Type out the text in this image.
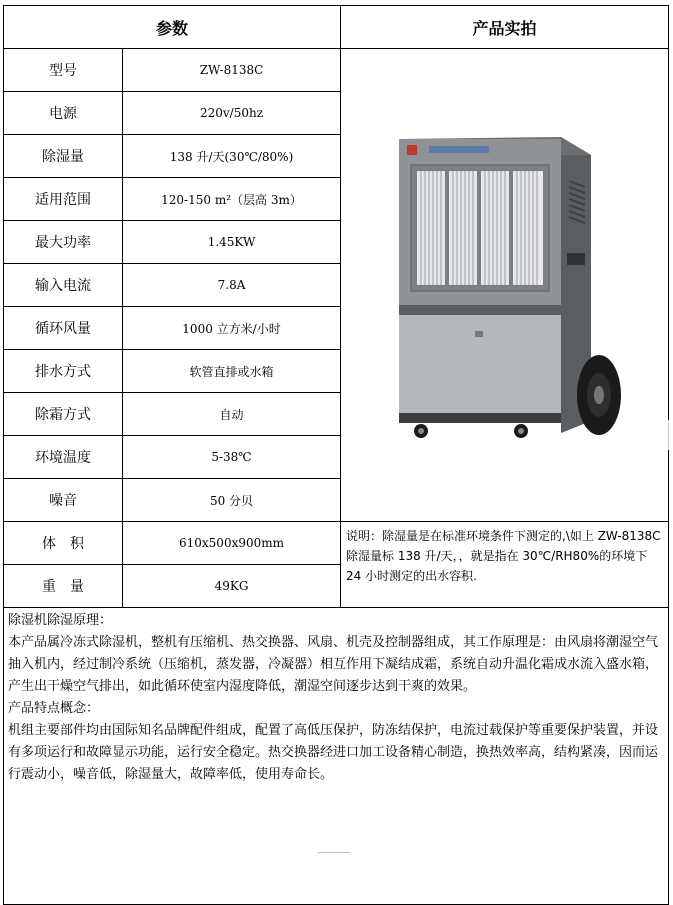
参数		产品实拍
型号	ZW-8138C	

电源	220v/50hz	
除湿量	138 升/天(30℃/80%)	
适用范围	120-150 m²（层高 3m）	
最大功率	1.45KW	
输入电流	7.8A	
循环风量	1000 立方米/小时	
排水方式	软管直排或水箱	
除霜方式	自动	
环境温度	5-38℃	
噪音	50 分贝	
体　积	610x500x900mm	说明：除湿量是在标准环境条件下测定的,\如上 ZW-8138C 除湿量标 138 升/天，，就是指在 30℃/RH80%的环境下 24 小时测定的出水容积.
重　量	49KG	

除湿机除湿原理：

本产品属冷冻式除湿机，整机有压缩机、热交换器、风扇、机壳及控制器组成，其工作原理是：由风扇将潮湿空气抽入机内，经过制冷系统（压缩机，蒸发器，冷凝器）相互作用下凝结成霜，系统自动升温化霜成水流入盛水箱，产生出干燥空气排出，如此循环使室内湿度降低，潮湿空间逐步达到干爽的效果。

产品特点概念：

机组主要部件均由国际知名品牌配件组成，配置了高低压保护，防冻结保护，电流过载保护等重要保护装置，并设有多项运行和故障显示功能，运行安全稳定。热交换器经进口加工设备精心制造，换热效率高，结构紧凑，因而运行震动小，噪音低，除湿量大，故障率低，使用寿命长。		
